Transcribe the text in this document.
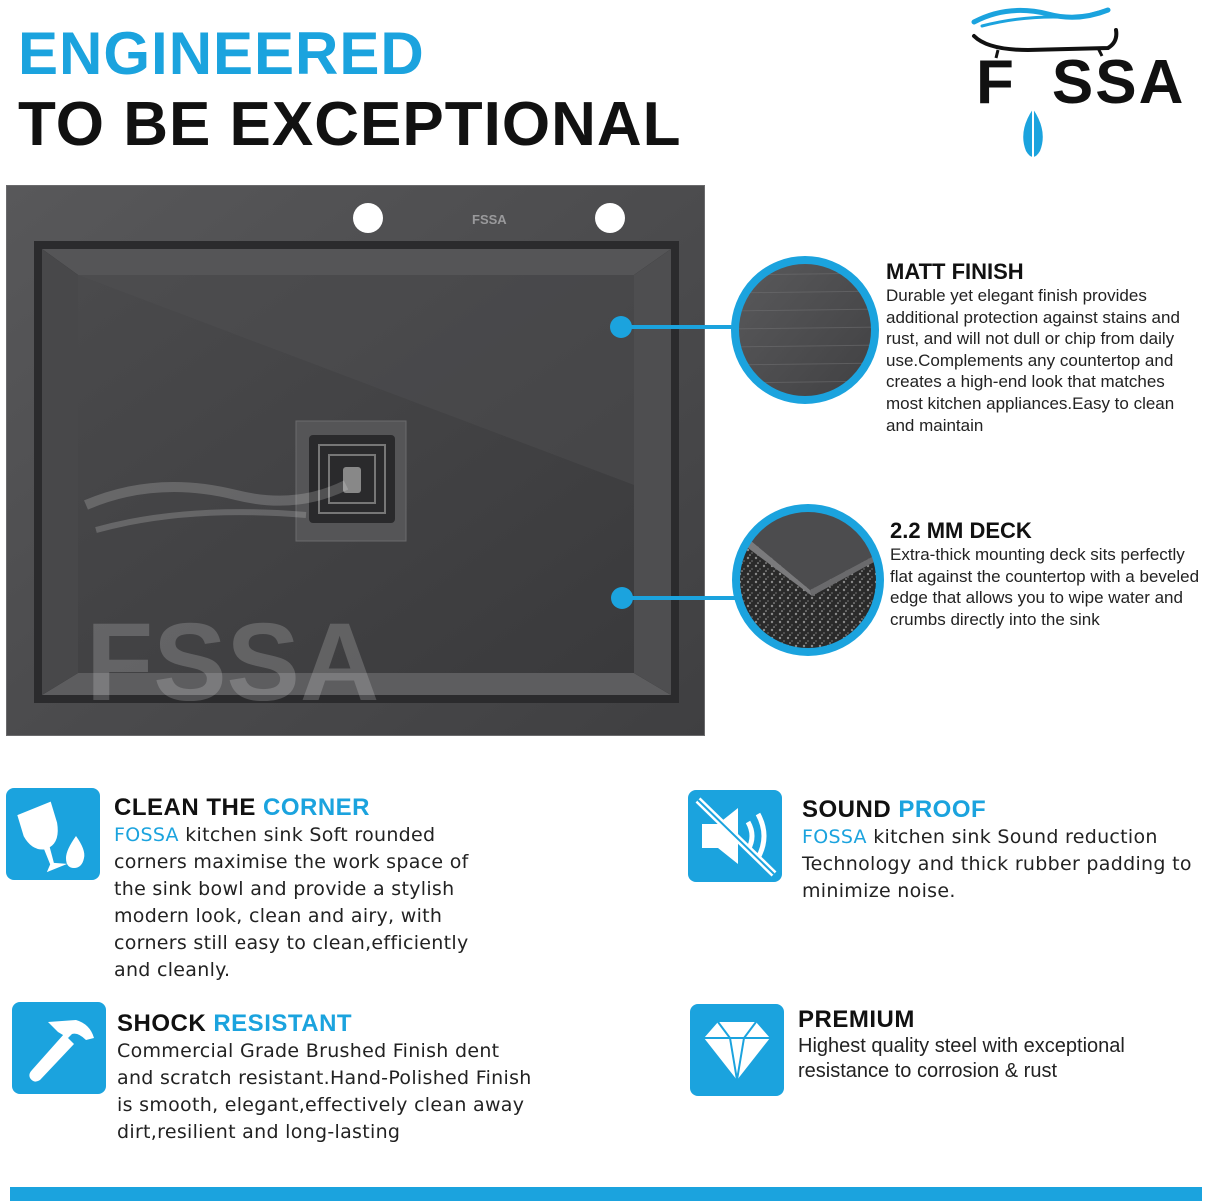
ENGINEERED
TO BE EXCEPTIONAL
F SSA
FSSA
FSSA
MATT FINISH
Durable yet elegant finish provides additional protection against stains and rust, and will not dull or chip from daily use.Complements any countertop and creates a high-end look that matches most kitchen appliances.Easy to clean and maintain
2.2 MM DECK
Extra-thick mounting deck sits perfectly flat against the countertop with a beveled edge that allows you to wipe water and crumbs directly into the sink
CLEAN THE CORNER
FOSSA kitchen sink Soft rounded corners maximise the work space of the sink bowl and provide a stylish modern look, clean and airy, with corners still easy to clean,efficiently and cleanly.
SOUND PROOF
FOSSA kitchen sink Sound reduction Technology and thick rubber padding to minimize noise.
SHOCK RESISTANT
Commercial Grade Brushed Finish dent and scratch resistant.Hand-Polished Finish is smooth, elegant,effectively clean away dirt,resilient and long-lasting
PREMIUM
Highest quality steel with exceptional resistance to corrosion & rust
